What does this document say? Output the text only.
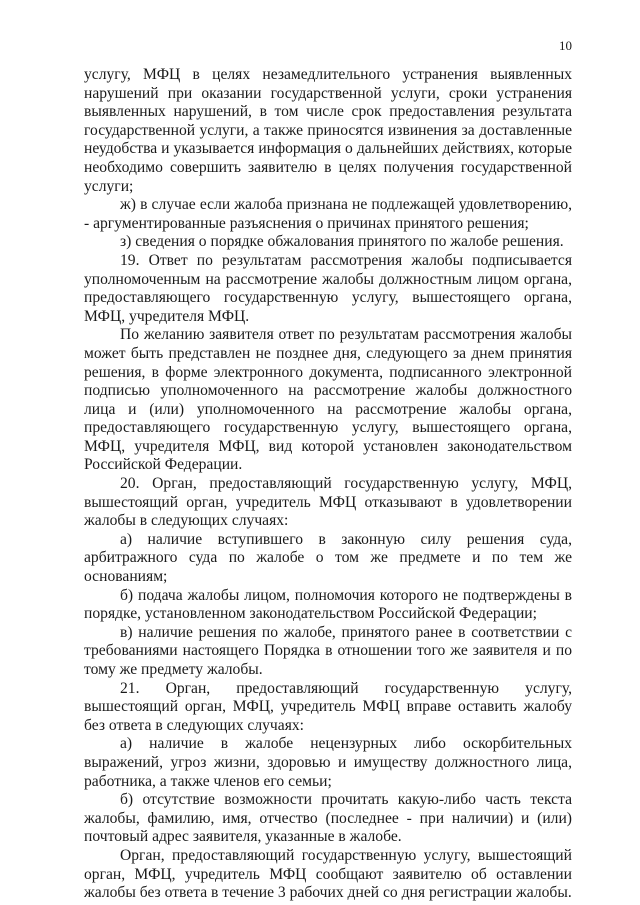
10

услугу, МФЦ в целях незамедлительного устранения выявленных нарушений при оказании государственной услуги, сроки устранения выявленных нарушений, в том числе срок предоставления результата государственной услуги, а также приносятся извинения за доставленные неудобства и указывается информация о дальнейших действиях, которые необходимо совершить заявителю в целях получения государственной услуги;

ж) в случае если жалоба признана не подлежащей удовлетворению, - аргументированные разъяснения о причинах принятого решения;

з) сведения о порядке обжалования принятого по жалобе решения.

19. Ответ по результатам рассмотрения жалобы подписывается уполномоченным на рассмотрение жалобы должностным лицом органа, предоставляющего государственную услугу, вышестоящего органа, МФЦ, учредителя МФЦ.

По желанию заявителя ответ по результатам рассмотрения жалобы может быть представлен не позднее дня, следующего за днем принятия решения, в форме электронного документа, подписанного электронной подписью уполномоченного на рассмотрение жалобы должностного лица и (или) уполномоченного на рассмотрение жалобы органа, предоставляющего государственную услугу, вышестоящего органа, МФЦ, учредителя МФЦ, вид которой установлен законодательством Российской Федерации.

20. Орган, предоставляющий государственную услугу, МФЦ, вышестоящий орган, учредитель МФЦ отказывают в удовлетворении жалобы в следующих случаях:

а) наличие вступившего в законную силу решения суда, арбитражного суда по жалобе о том же предмете и по тем же основаниям;

б) подача жалобы лицом, полномочия которого не подтверждены в порядке, установленном законодательством Российской Федерации;

в) наличие решения по жалобе, принятого ранее в соответствии с требованиями настоящего Порядка в отношении того же заявителя и по тому же предмету жалобы.

21. Орган, предоставляющий государственную услугу, вышестоящий орган, МФЦ, учредитель МФЦ вправе оставить жалобу без ответа в следующих случаях:

а) наличие в жалобе нецензурных либо оскорбительных выражений, угроз жизни, здоровью и имуществу должностного лица, работника, а также членов его семьи;

б) отсутствие возможности прочитать какую-либо часть текста жалобы, фамилию, имя, отчество (последнее - при наличии) и (или) почтовый адрес заявителя, указанные в жалобе.

Орган, предоставляющий государственную услугу, вышестоящий орган, МФЦ, учредитель МФЦ сообщают заявителю об оставлении жалобы без ответа в течение 3 рабочих дней со дня регистрации жалобы.
